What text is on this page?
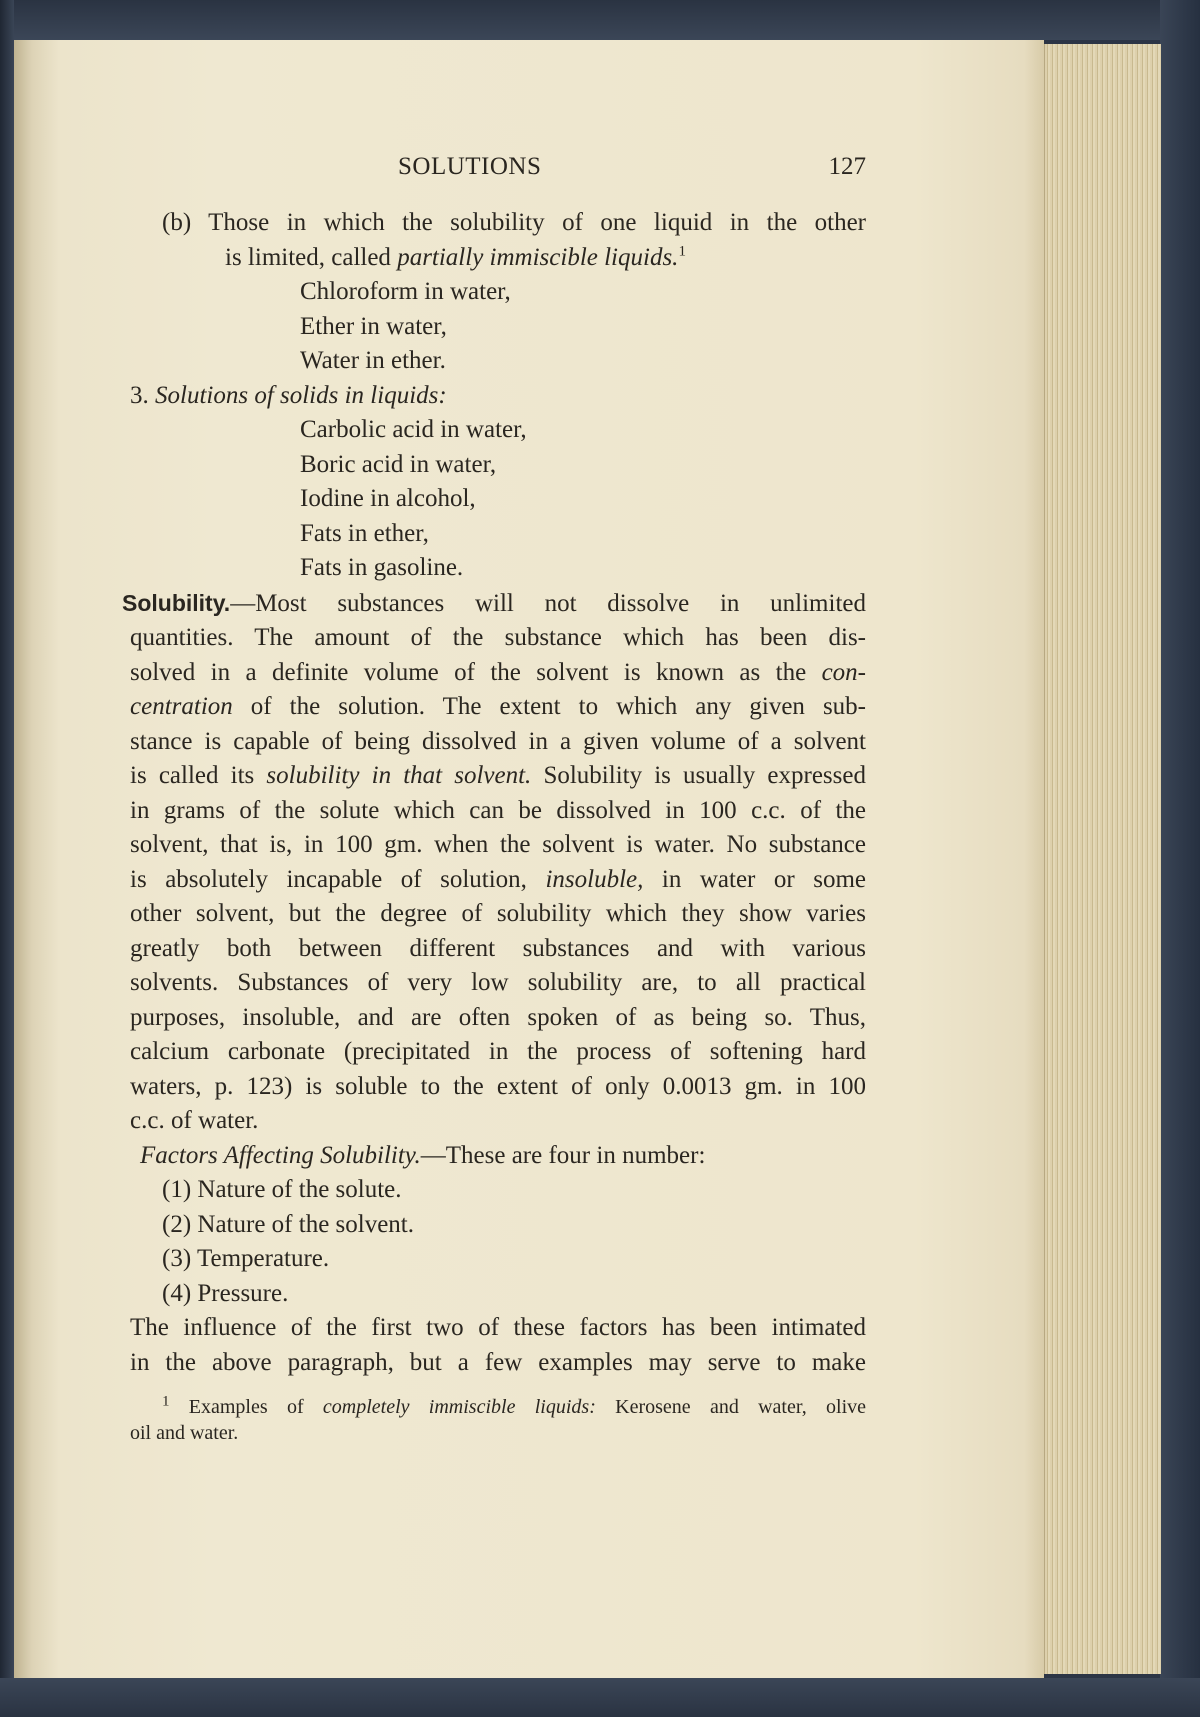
SOLUTIONS	127
(b) Those in which the solubility of one liquid in the other
is limited, called partially immiscible liquids.$^1$
Chloroform in water,
Ether in water,
Water in ether.
3. Solutions of solids in liquids:
Carbolic acid in water,
Boric acid in water,
Iodine in alcohol,
Fats in ether,
Fats in gasoline.
Solubility.—Most substances will not dissolve in unlimited
quantities. The amount of the substance which has been dis-
solved in a definite volume of the solvent is known as the con-
centration of the solution. The extent to which any given sub-
stance is capable of being dissolved in a given volume of a solvent
is called its solubility in that solvent. Solubility is usually expressed
in grams of the solute which can be dissolved in 100 c.c. of the
solvent, that is, in 100 gm. when the solvent is water. No substance
is absolutely incapable of solution, insoluble, in water or some
other solvent, but the degree of solubility which they show varies
greatly both between different substances and with various
solvents. Substances of very low solubility are, to all practical
purposes, insoluble, and are often spoken of as being so. Thus,
calcium carbonate (precipitated in the process of softening hard
waters, p. 123) is soluble to the extent of only 0.0013 gm. in 100
c.c. of water.
Factors Affecting Solubility.—These are four in number:
(1) Nature of the solute.
(2) Nature of the solvent.
(3) Temperature.
(4) Pressure.
The influence of the first two of these factors has been intimated
in the above paragraph, but a few examples may serve to make
$^1$ Examples of completely immiscible liquids: Kerosene and water, olive
oil and water.
